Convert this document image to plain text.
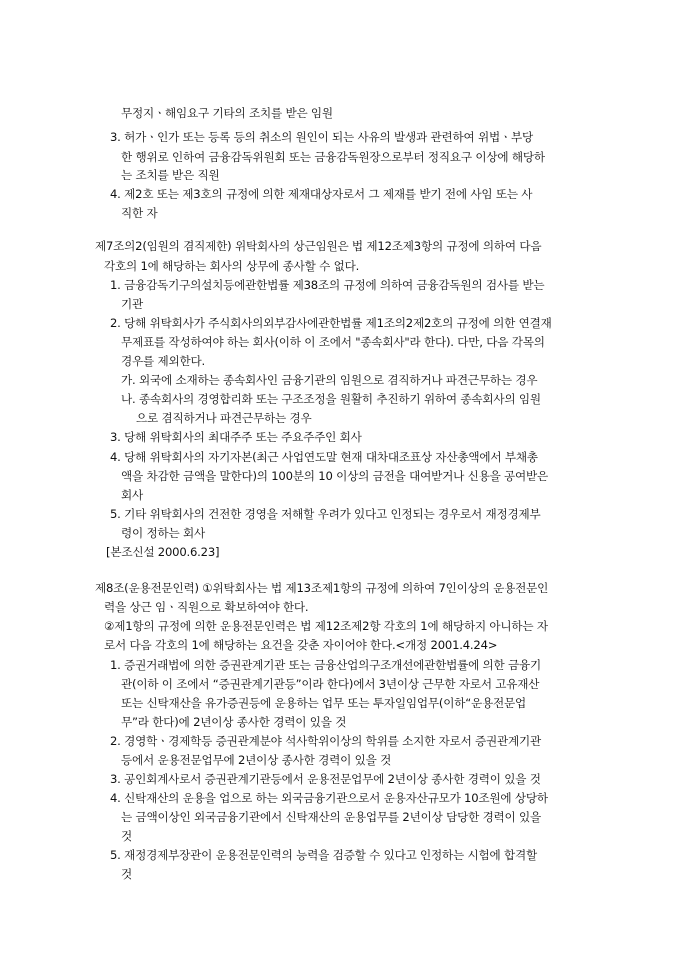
무정지ㆍ해임요구 기타의 조치를 받은 임원
3. 허가ㆍ인가 또는 등록 등의 취소의 원인이 되는 사유의 발생과 관련하여 위법ㆍ부당
한 행위로 인하여 금융감독위원회 또는 금융감독원장으로부터 정직요구 이상에 해당하
는 조치를 받은 직원
4. 제2호 또는 제3호의 규정에 의한 제재대상자로서 그 제재를 받기 전에 사임 또는 사
직한 자
제7조의2(임원의 겸직제한) 위탁회사의 상근임원은 법 제12조제3항의 규정에 의하여 다음
각호의 1에 해당하는 회사의 상무에 종사할 수 없다.
1. 금융감독기구의설치등에관한법률 제38조의 규정에 의하여 금융감독원의 검사를 받는
기관
2. 당해 위탁회사가 주식회사의외부감사에관한법률 제1조의2제2호의 규정에 의한 연결재
무제표를 작성하여야 하는 회사(이하 이 조에서 "종속회사"라 한다). 다만, 다음 각목의
경우를 제외한다.
가. 외국에 소재하는 종속회사인 금융기관의 임원으로 겸직하거나 파견근무하는 경우
나. 종속회사의 경영합리화 또는 구조조정을 원활히 추진하기 위하여 종속회사의 임원
으로 겸직하거나 파견근무하는 경우
3. 당해 위탁회사의 최대주주 또는 주요주주인 회사
4. 당해 위탁회사의 자기자본(최근 사업연도말 현재 대차대조표상 자산총액에서 부채총
액을 차감한 금액을 말한다)의 100분의 10 이상의 금전을 대여받거나 신용을 공여받은
회사
5. 기타 위탁회사의 건전한 경영을 저해할 우려가 있다고 인정되는 경우로서 재정경제부
령이 정하는 회사
[본조신설 2000.6.23]
제8조(운용전문인력) ①위탁회사는 법 제13조제1항의 규정에 의하여 7인이상의 운용전문인
력을 상근 임ㆍ직원으로 확보하여야 한다.
②제1항의 규정에 의한 운용전문인력은 법 제12조제2항 각호의 1에 해당하지 아니하는 자
로서 다음 각호의 1에 해당하는 요건을 갖춘 자이어야 한다.<개정 2001.4.24>
1. 증권거래법에 의한 증권관계기관 또는 금융산업의구조개선에관한법률에 의한 금융기
관(이하 이 조에서 “증권관계기관등”이라 한다)에서 3년이상 근무한 자로서 고유재산
또는 신탁재산을 유가증권등에 운용하는 업무 또는 투자일임업무(이하“운용전문업
무”라 한다)에 2년이상 종사한 경력이 있을 것
2. 경영학ㆍ경제학등 증권관계분야 석사학위이상의 학위를 소지한 자로서 증권관계기관
등에서 운용전문업무에 2년이상 종사한 경력이 있을 것
3. 공인회계사로서 증권관계기관등에서 운용전문업무에 2년이상 종사한 경력이 있을 것
4. 신탁재산의 운용을 업으로 하는 외국금융기관으로서 운용자산규모가 10조원에 상당하
는 금액이상인 외국금융기관에서 신탁재산의 운용업무를 2년이상 담당한 경력이 있을
것
5. 재정경제부장관이 운용전문인력의 능력을 검증할 수 있다고 인정하는 시험에 합격할
것
